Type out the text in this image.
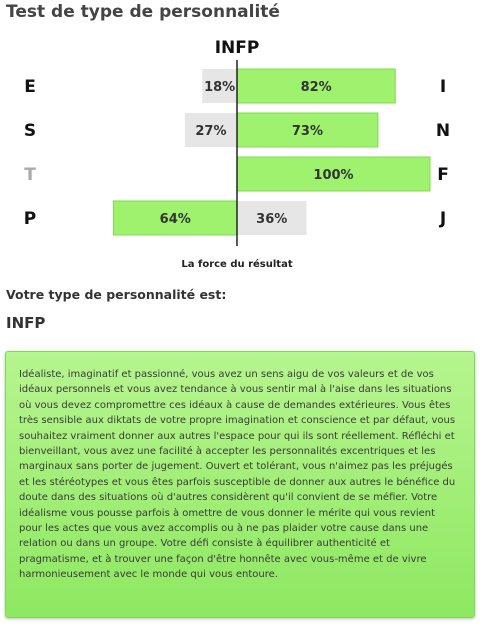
Test de type de personnalité
INFP
18%	82%
E	I
27%	73%
S	N
100%
T	F
64%	36%
P	J
La force du résultat

Votre type de personnalité est:

INFP

Idéaliste, imaginatif et passionné, vous avez un sens aigu de vos valeurs et de vos idéaux personnels et vous avez tendance à vous sentir mal à l'aise dans les situations où vous devez compromettre ces idéaux à cause de demandes extérieures. Vous êtes très sensible aux diktats de votre propre imagination et conscience et par défaut, vous souhaitez vraiment donner aux autres l'espace pour qui ils sont réellement. Réfléchi et bienveillant, vous avez une facilité à accepter les personnalités excentriques et les marginaux sans porter de jugement. Ouvert et tolérant, vous n'aimez pas les préjugés et les stéréotypes et vous êtes parfois susceptible de donner aux autres le bénéfice du doute dans des situations où d'autres considèrent qu'il convient de se méfier. Votre idéalisme vous pousse parfois à omettre de vous donner le mérite qui vous revient pour les actes que vous avez accomplis ou à ne pas plaider votre cause dans une relation ou dans un groupe. Votre défi consiste à équilibrer authenticité et pragmatisme, et à trouver une façon d'être honnête avec vous-même et de vivre harmonieusement avec le monde qui vous entoure.
